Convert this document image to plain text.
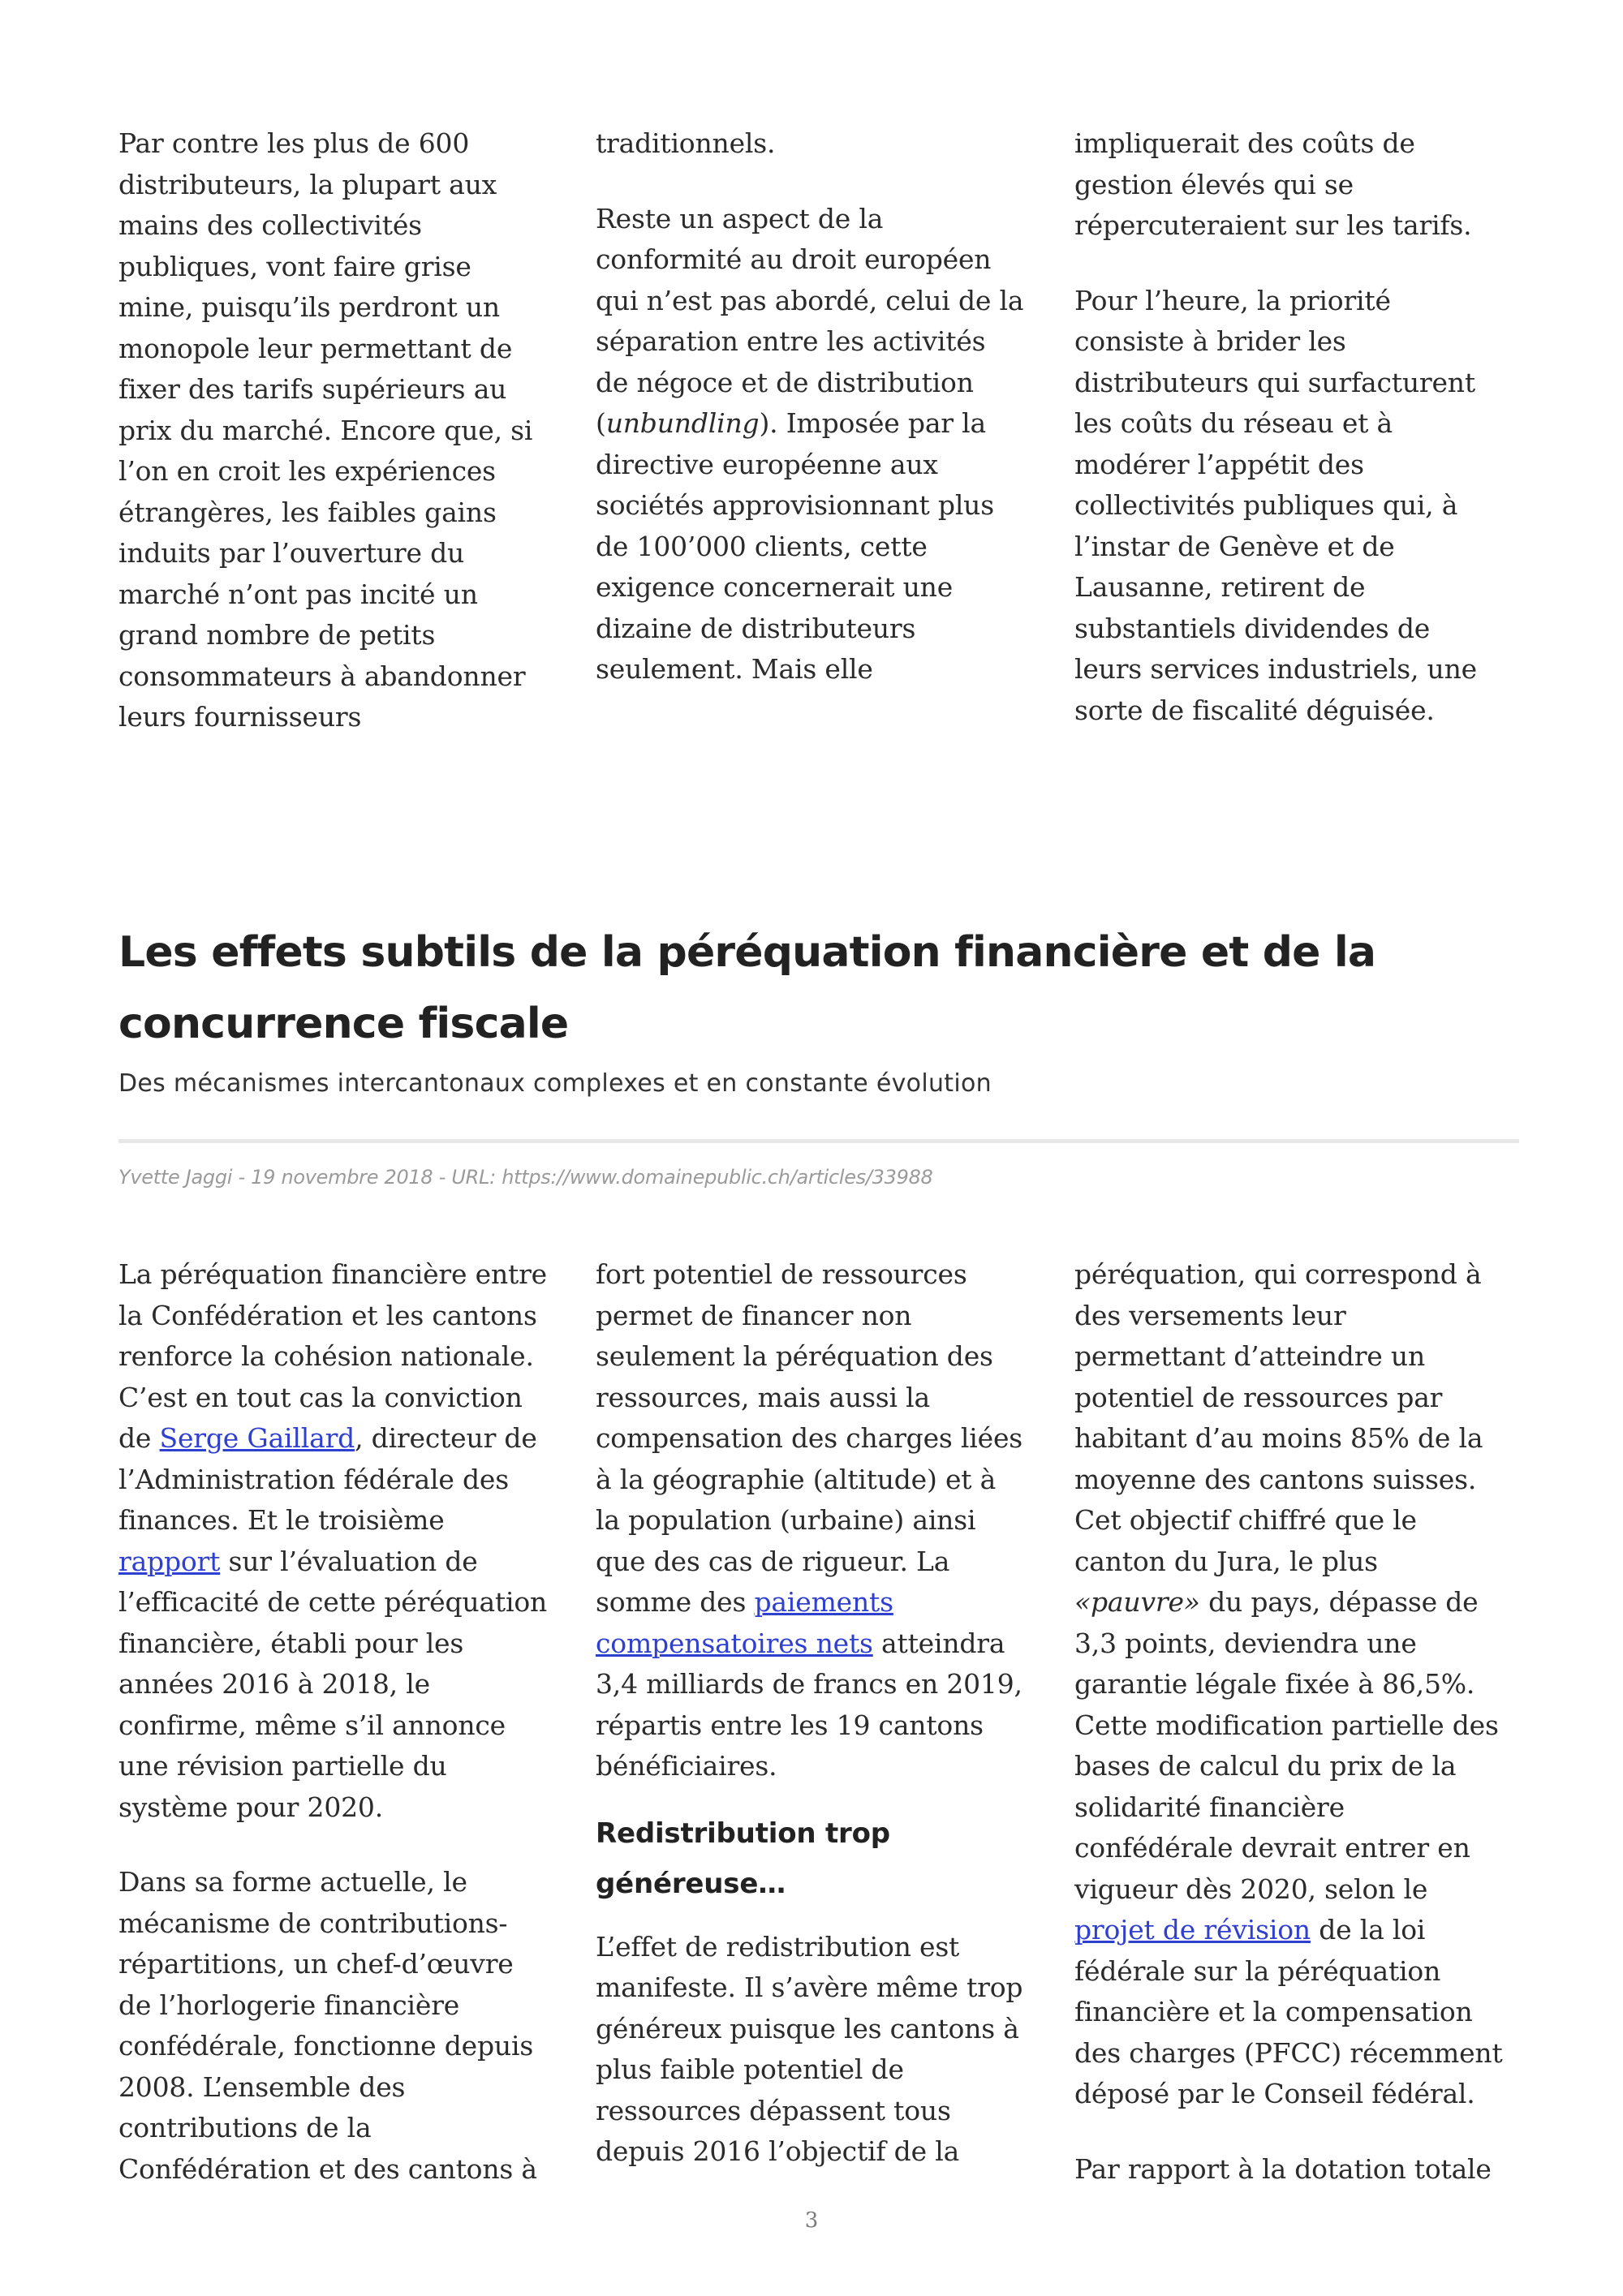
Par contre les plus de 600
distributeurs, la plupart aux
mains des collectivités
publiques, vont faire grise
mine, puisqu’ils perdront un
monopole leur permettant de
fixer des tarifs supérieurs au
prix du marché. Encore que, si
l’on en croit les expériences
étrangères, les faibles gains
induits par l’ouverture du
marché n’ont pas incité un
grand nombre de petits
consommateurs à abandonner
leurs fournisseurs

traditionnels.

Reste un aspect de la
conformité au droit européen
qui n’est pas abordé, celui de la
séparation entre les activités
de négoce et de distribution
(unbundling). Imposée par la
directive européenne aux
sociétés approvisionnant plus
de 100’000 clients, cette
exigence concernerait une
dizaine de distributeurs
seulement. Mais elle

impliquerait des coûts de
gestion élevés qui se
répercuteraient sur les tarifs.

Pour l’heure, la priorité
consiste à brider les
distributeurs qui surfacturent
les coûts du réseau et à
modérer l’appétit des
collectivités publiques qui, à
l’instar de Genève et de
Lausanne, retirent de
substantiels dividendes de
leurs services industriels, une
sorte de fiscalité déguisée.

Les effets subtils de la péréquation financière et de la
concurrence fiscale
Des mécanismes intercantonaux complexes et en constante évolution
Yvette Jaggi - 19 novembre 2018 - URL: https://www.domainepublic.ch/articles/33988

La péréquation financière entre
la Confédération et les cantons
renforce la cohésion nationale.
C’est en tout cas la conviction
de Serge Gaillard, directeur de
l’Administration fédérale des
finances. Et le troisième
rapport sur l’évaluation de
l’efficacité de cette péréquation
financière, établi pour les
années 2016 à 2018, le
confirme, même s’il annonce
une révision partielle du
système pour 2020.

Dans sa forme actuelle, le
mécanisme de contributions-
répartitions, un chef-d’œuvre
de l’horlogerie financière
confédérale, fonctionne depuis
2008. L’ensemble des
contributions de la
Confédération et des cantons à

fort potentiel de ressources
permet de financer non
seulement la péréquation des
ressources, mais aussi la
compensation des charges liées
à la géographie (altitude) et à
la population (urbaine) ainsi
que des cas de rigueur. La
somme des paiements
compensatoires nets atteindra
3,4 milliards de francs en 2019,
répartis entre les 19 cantons
bénéficiaires.

Redistribution trop
généreuse…

L’effet de redistribution est
manifeste. Il s’avère même trop
généreux puisque les cantons à
plus faible potentiel de
ressources dépassent tous
depuis 2016 l’objectif de la

péréquation, qui correspond à
des versements leur
permettant d’atteindre un
potentiel de ressources par
habitant d’au moins 85% de la
moyenne des cantons suisses.
Cet objectif chiffré que le
canton du Jura, le plus
«pauvre» du pays, dépasse de
3,3 points, deviendra une
garantie légale fixée à 86,5%.
Cette modification partielle des
bases de calcul du prix de la
solidarité financière
confédérale devrait entrer en
vigueur dès 2020, selon le
projet de révision de la loi
fédérale sur la péréquation
financière et la compensation
des charges (PFCC) récemment
déposé par le Conseil fédéral.

Par rapport à la dotation totale

3
